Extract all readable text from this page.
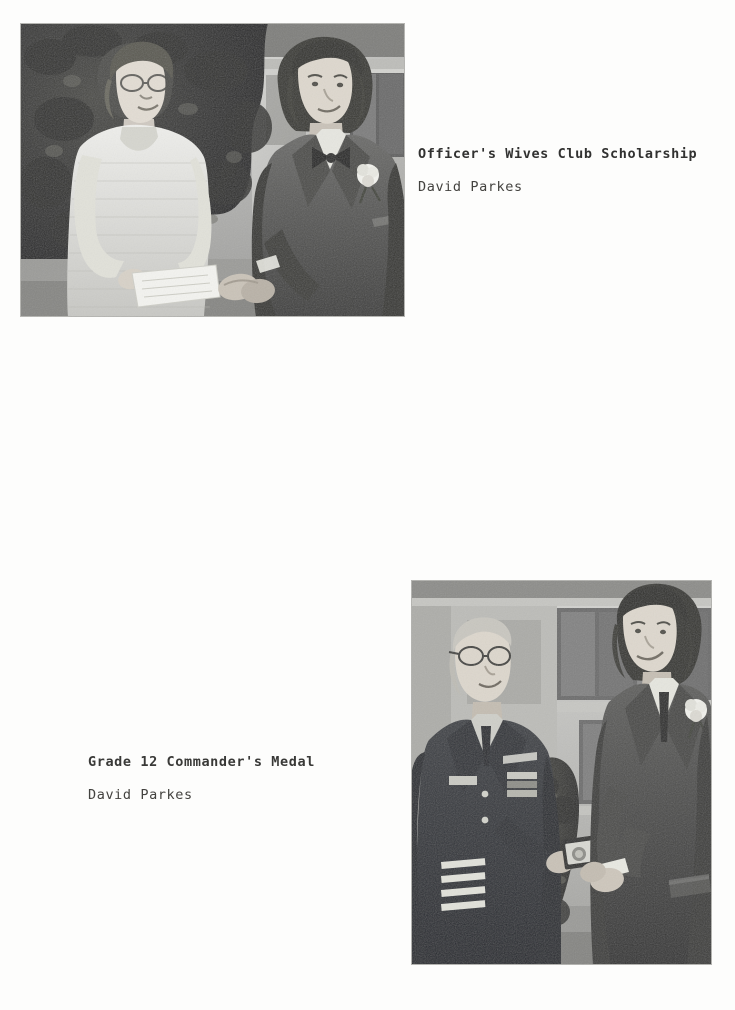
Officer's Wives Club Scholarship
David Parkes
Grade 12 Commander's Medal
David Parkes
